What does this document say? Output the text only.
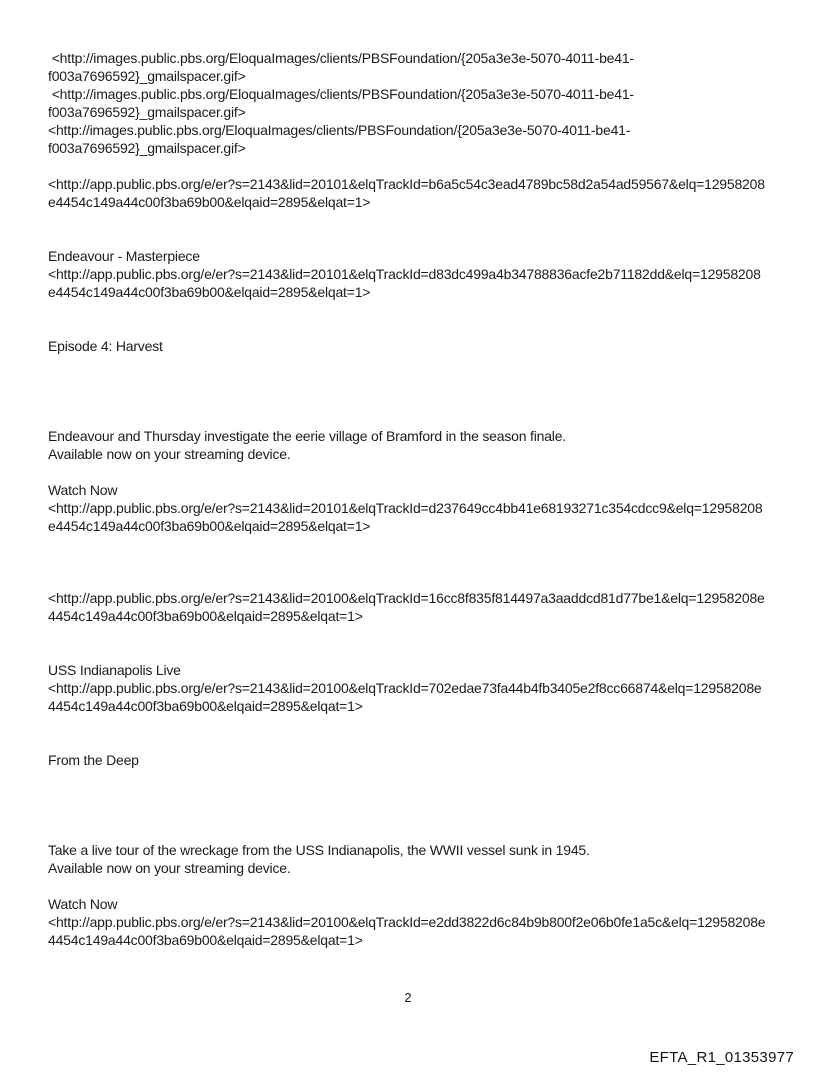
<http://images.public.pbs.org/EloquaImages/clients/PBSFoundation/{205a3e3e-5070-4011-be41-
f003a7696592}_gmailspacer.gif>
<http://images.public.pbs.org/EloquaImages/clients/PBSFoundation/{205a3e3e-5070-4011-be41-
f003a7696592}_gmailspacer.gif>
<http://images.public.pbs.org/EloquaImages/clients/PBSFoundation/{205a3e3e-5070-4011-be41-
f003a7696592}_gmailspacer.gif>

<http://app.public.pbs.org/e/er?s=2143&lid=20101&elqTrackId=b6a5c54c3ead4789bc58d2a54ad59567&elq=12958208
e4454c149a44c00f3ba69b00&elqaid=2895&elqat=1>

Endeavour - Masterpiece
<http://app.public.pbs.org/e/er?s=2143&lid=20101&elqTrackId=d83dc499a4b34788836acfe2b71182dd&elq=12958208
e4454c149a44c00f3ba69b00&elqaid=2895&elqat=1>

Episode 4: Harvest

Endeavour and Thursday investigate the eerie village of Bramford in the season finale.
Available now on your streaming device.

Watch Now
<http://app.public.pbs.org/e/er?s=2143&lid=20101&elqTrackId=d237649cc4bb41e68193271c354cdcc9&elq=12958208
e4454c149a44c00f3ba69b00&elqaid=2895&elqat=1>

<http://app.public.pbs.org/e/er?s=2143&lid=20100&elqTrackId=16cc8f835f814497a3aaddcd81d77be1&elq=12958208e
4454c149a44c00f3ba69b00&elqaid=2895&elqat=1>

USS Indianapolis Live
<http://app.public.pbs.org/e/er?s=2143&lid=20100&elqTrackId=702edae73fa44b4fb3405e2f8cc66874&elq=12958208e
4454c149a44c00f3ba69b00&elqaid=2895&elqat=1>

From the Deep

Take a live tour of the wreckage from the USS Indianapolis, the WWII vessel sunk in 1945.
Available now on your streaming device.

Watch Now
<http://app.public.pbs.org/e/er?s=2143&lid=20100&elqTrackId=e2dd3822d6c84b9b800f2e06b0fe1a5c&elq=12958208e
4454c149a44c00f3ba69b00&elqaid=2895&elqat=1>
2
EFTA_R1_01353977
